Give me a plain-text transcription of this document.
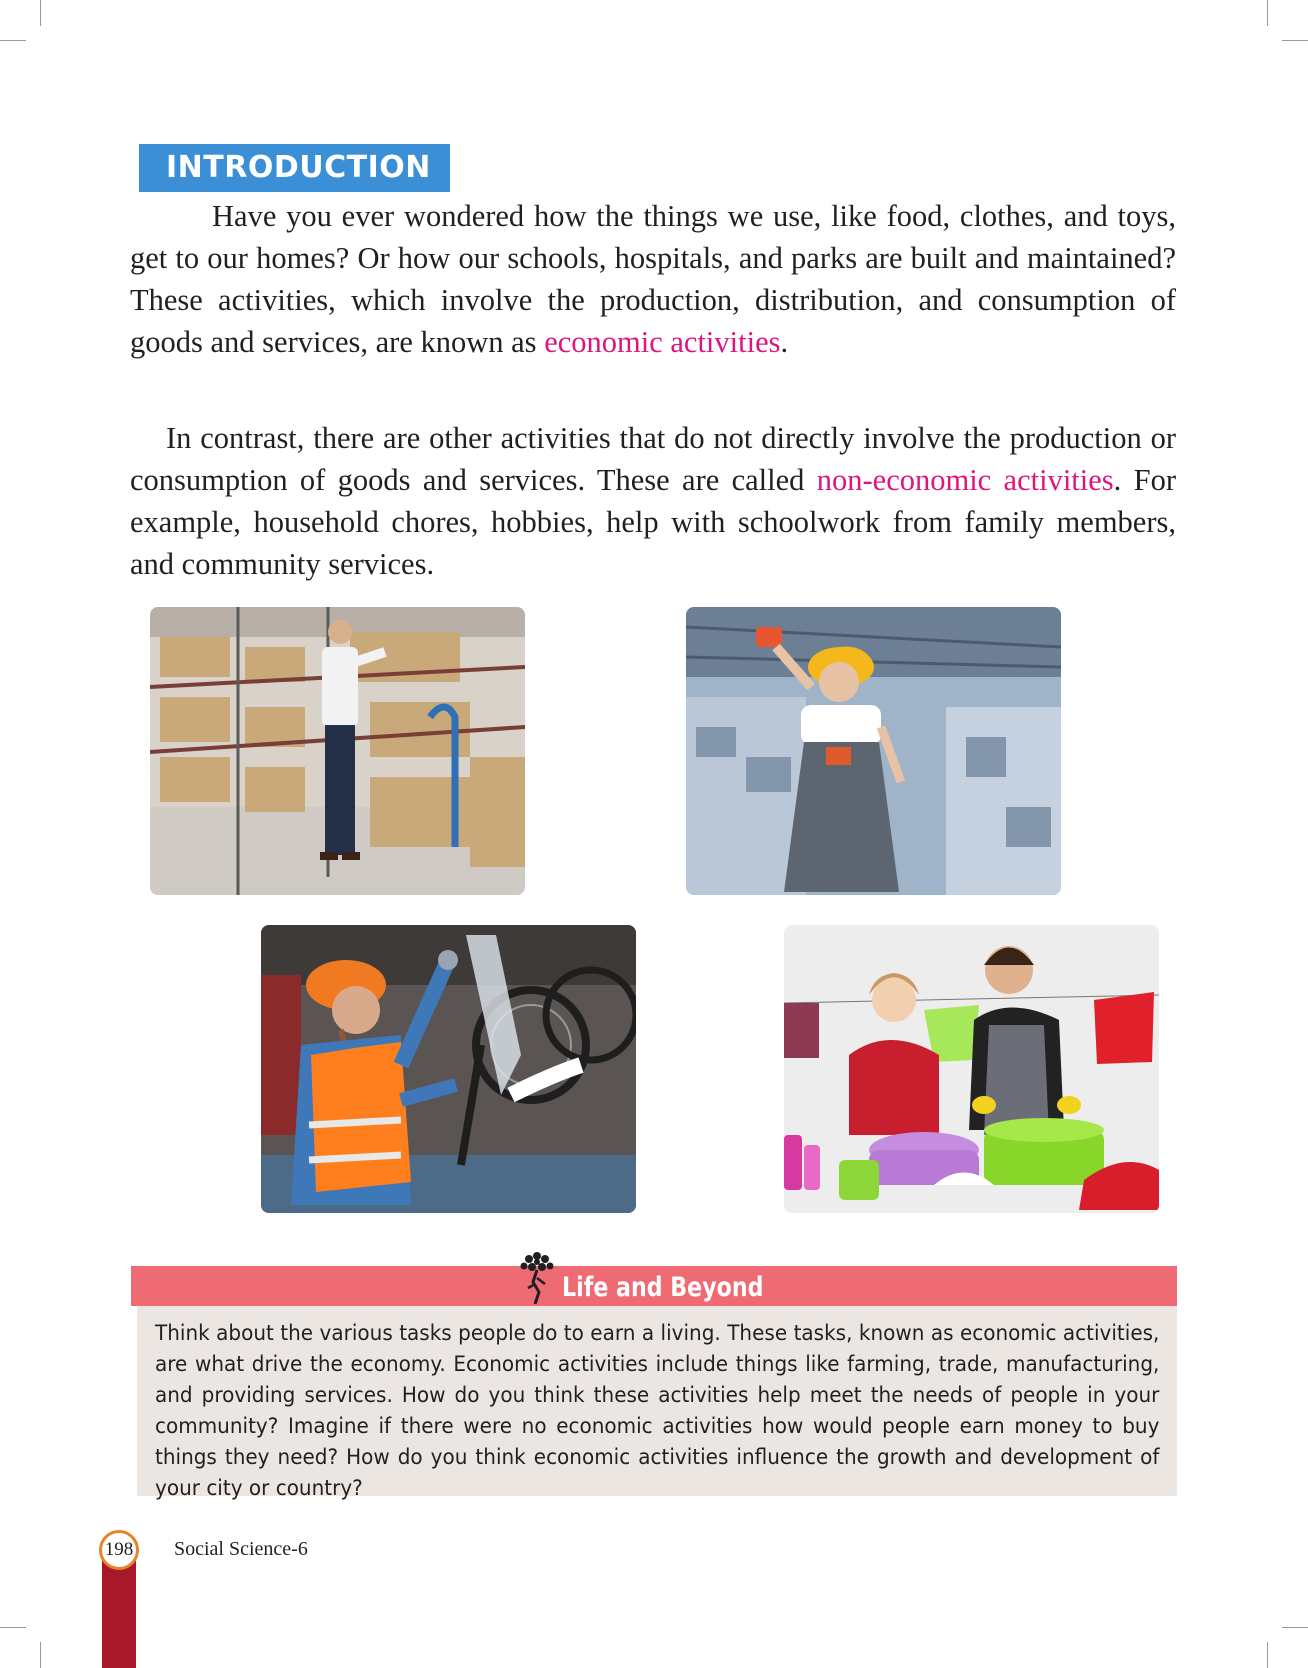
INTRODUCTION

Have you ever wondered how the things we use, like food, clothes, and toys, get to our homes? Or how our schools, hospitals, and parks are built and maintained? These activities, which involve the production, distribution, and consumption of goods and services, are known as economic activities.

In contrast, there are other activities that do not directly involve the production or consumption of goods and services. These are called non-economic activities. For example, household chores, hobbies, help with schoolwork from family members, and community services.

Life and Beyond

Think about the various tasks people do to earn a living. These tasks, known as economic activities, are what drive the economy. Economic activities include things like farming, trade, manufacturing, and providing services. How do you think these activities help meet the needs of people in your community? Imagine if there were no economic activities how would people earn money to buy things they need? How do you think economic activities influence the growth and development of your city or country?

198 Social Science-6
